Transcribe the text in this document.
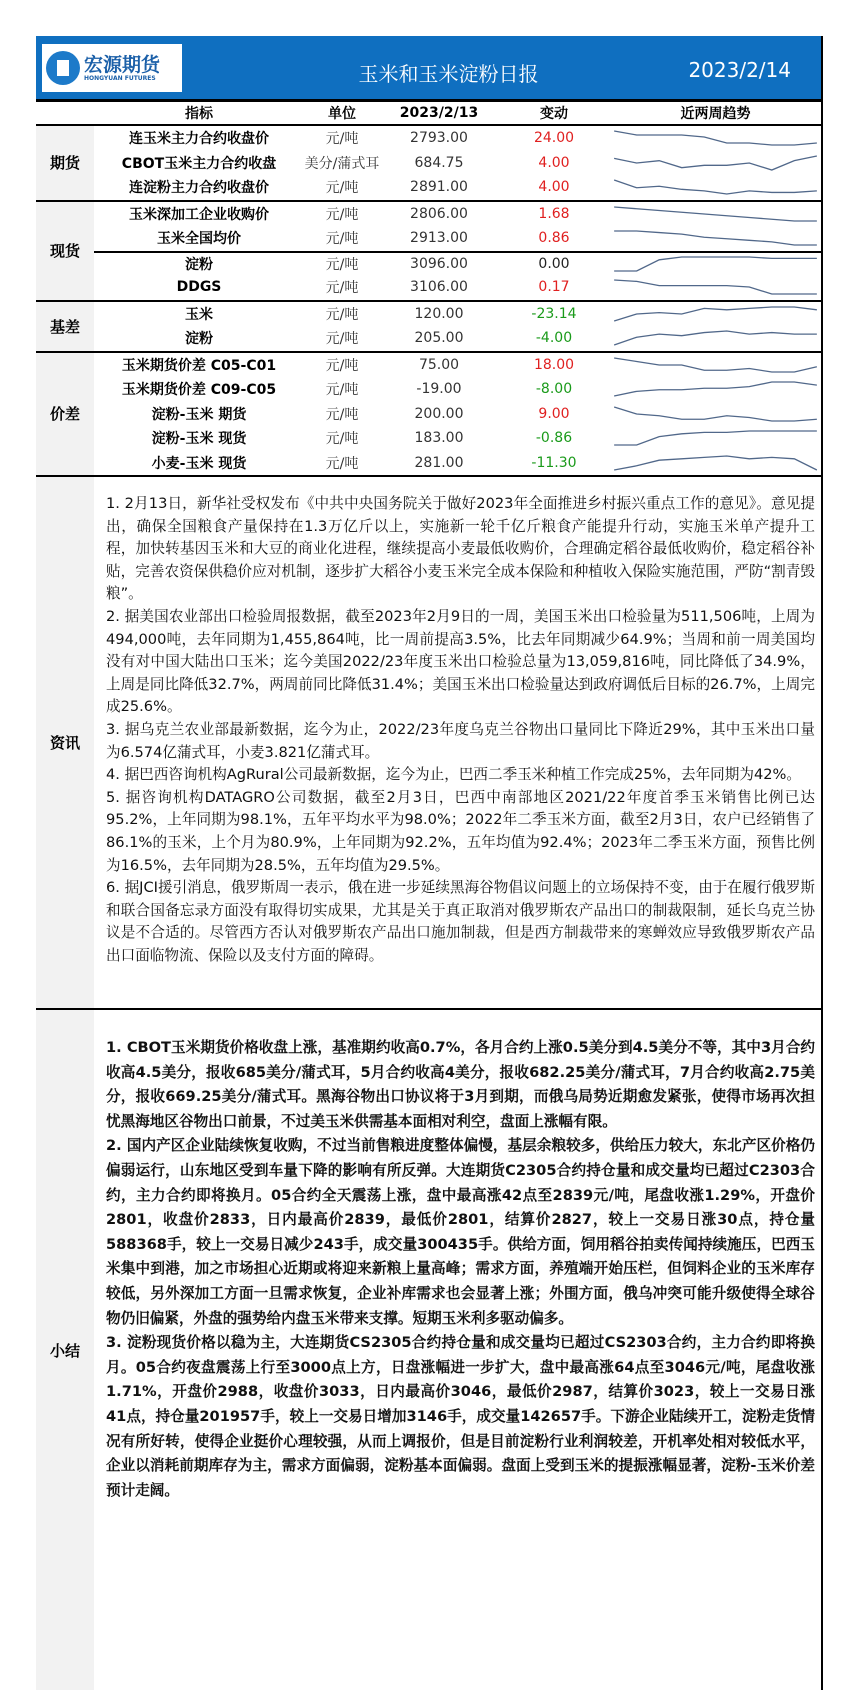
宏源期货
HONGYUAN FUTURES	玉米和玉米淀粉日报	2023/2/14
指标	单位	2023/2/13	变动	近两周趋势
期货
连玉米主力合约收盘价	元/吨	2793.00	24.00
CBOT玉米主力合约收盘	美分/蒲式耳	684.75	4.00
连淀粉主力合约收盘价	元/吨	2891.00	4.00
现货
玉米深加工企业收购价	元/吨	2806.00	1.68
玉米全国均价	元/吨	2913.00	0.86
淀粉	元/吨	3096.00	0.00
DDGS	元/吨	3106.00	0.17
基差
玉米	元/吨	120.00	-23.14
淀粉	元/吨	205.00	-4.00
价差
玉米期货价差 C05-C01	元/吨	75.00	18.00
玉米期货价差 C09-C05	元/吨	-19.00	-8.00
淀粉-玉米 期货	元/吨	200.00	9.00
淀粉-玉米 现货	元/吨	183.00	-0.86
小麦-玉米 现货	元/吨	281.00	-11.30
资讯

1. 2月13日，新华社受权发布《中共中央国务院关于做好2023年全面推进乡村振兴重点工作的意见》。意见提出，确保全国粮食产量保持在1.3万亿斤以上，实施新一轮千亿斤粮食产能提升行动，实施玉米单产提升工程，加快转基因玉米和大豆的商业化进程，继续提高小麦最低收购价，合理确定稻谷最低收购价，稳定稻谷补贴，完善农资保供稳价应对机制，逐步扩大稻谷小麦玉米完全成本保险和种植收入保险实施范围，严防“割青毁粮”。

2. 据美国农业部出口检验周报数据，截至2023年2月9日的一周，美国玉米出口检验量为511,506吨，上周为494,000吨，去年同期为1,455,864吨，比一周前提高3.5%，比去年同期减少64.9%；当周和前一周美国均没有对中国大陆出口玉米；迄今美国2022/23年度玉米出口检验总量为13,059,816吨，同比降低了34.9%，上周是同比降低32.7%，两周前同比降低31.4%；美国玉米出口检验量达到政府调低后目标的26.7%，上周完成25.6%。

3. 据乌克兰农业部最新数据，迄今为止，2022/23年度乌克兰谷物出口量同比下降近29%，其中玉米出口量为6.574亿蒲式耳，小麦3.821亿蒲式耳。

4. 据巴西咨询机构AgRural公司最新数据，迄今为止，巴西二季玉米种植工作完成25%，去年同期为42%。

5. 据咨询机构DATAGRO公司数据，截至2月3日，巴西中南部地区2021/22年度首季玉米销售比例已达95.2%，上年同期为98.1%，五年平均水平为98.0%；2022年二季玉米方面，截至2月3日，农户已经销售了86.1%的玉米，上个月为80.9%，上年同期为92.2%，五年均值为92.4%；2023年二季玉米方面，预售比例为16.5%，去年同期为28.5%，五年均值为29.5%。

6. 据JCI援引消息，俄罗斯周一表示，俄在进一步延续黑海谷物倡议问题上的立场保持不变，由于在履行俄罗斯和联合国备忘录方面没有取得切实成果，尤其是关于真正取消对俄罗斯农产品出口的制裁限制，延长乌克兰协议是不合适的。尽管西方否认对俄罗斯农产品出口施加制裁，但是西方制裁带来的寒蝉效应导致俄罗斯农产品出口面临物流、保险以及支付方面的障碍。

小结

1. CBOT玉米期货价格收盘上涨，基准期约收高0.7%，各月合约上涨0.5美分到4.5美分不等，其中3月合约收高4.5美分，报收685美分/蒲式耳，5月合约收高4美分，报收682.25美分/蒲式耳，7月合约收高2.75美分，报收669.25美分/蒲式耳。黑海谷物出口协议将于3月到期，而俄乌局势近期愈发紧张，使得市场再次担忧黑海地区谷物出口前景，不过美玉米供需基本面相对利空，盘面上涨幅有限。

2. 国内产区企业陆续恢复收购，不过当前售粮进度整体偏慢，基层余粮较多，供给压力较大，东北产区价格仍偏弱运行，山东地区受到车量下降的影响有所反弹。大连期货C2305合约持仓量和成交量均已超过C2303合约，主力合约即将换月。05合约全天震荡上涨，盘中最高涨42点至2839元/吨，尾盘收涨1.29%，开盘价2801，收盘价2833，日内最高价2839，最低价2801，结算价2827，较上一交易日涨30点，持仓量588368手，较上一交易日减少243手，成交量300435手。供给方面，饲用稻谷拍卖传闻持续施压，巴西玉米集中到港，加之市场担心近期或将迎来新粮上量高峰；需求方面，养殖端开始压栏，但饲料企业的玉米库存较低，另外深加工方面一旦需求恢复，企业补库需求也会显著上涨；外围方面，俄乌冲突可能升级使得全球谷物仍旧偏紧，外盘的强势给内盘玉米带来支撑。短期玉米利多驱动偏多。

3. 淀粉现货价格以稳为主，大连期货CS2305合约持仓量和成交量均已超过CS2303合约，主力合约即将换月。05合约夜盘震荡上行至3000点上方，日盘涨幅进一步扩大，盘中最高涨64点至3046元/吨，尾盘收涨1.71%，开盘价2988，收盘价3033，日内最高价3046，最低价2987，结算价3023，较上一交易日涨41点，持仓量201957手，较上一交易日增加3146手，成交量142657手。下游企业陆续开工，淀粉走货情况有所好转，使得企业挺价心理较强，从而上调报价，但是目前淀粉行业利润较差，开机率处相对较低水平，企业以消耗前期库存为主，需求方面偏弱，淀粉基本面偏弱。盘面上受到玉米的提振涨幅显著，淀粉-玉米价差预计走阔。
